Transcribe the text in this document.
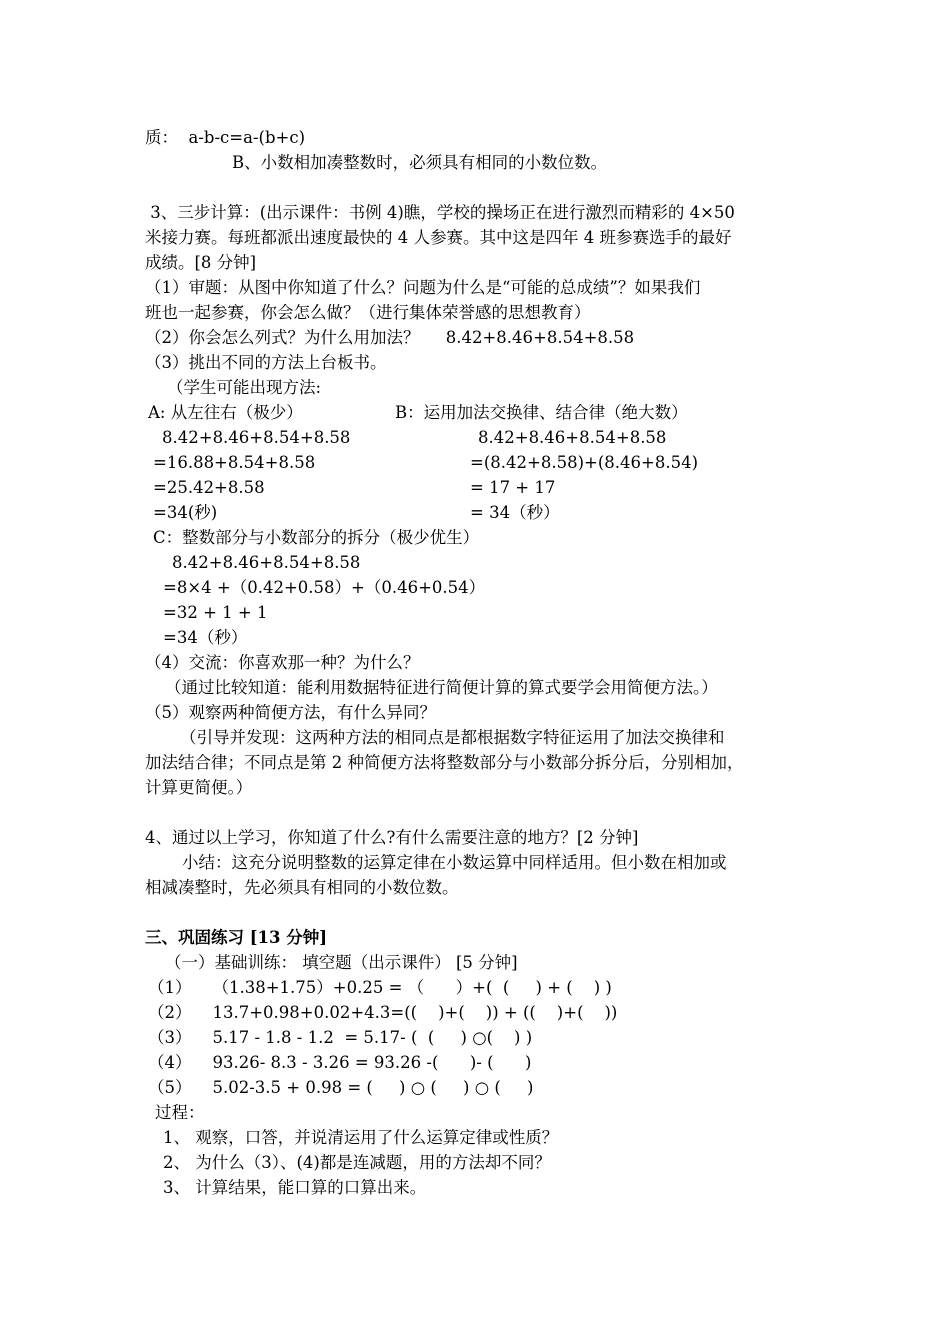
质：  a-b-c=a-(b+c)
B、小数相加凑整数时，必须具有相同的小数位数。
3、三步计算：(出示课件：书例 4)瞧，学校的操场正在进行激烈而精彩的 4×50
米接力赛。每班都派出速度最快的 4 人参赛。其中这是四年 4 班参赛选手的最好
成绩。[8 分钟]
（1）审题：从图中你知道了什么？问题为什么是“可能的总成绩”？如果我们
班也一起参赛，你会怎么做？（进行集体荣誉感的思想教育）
（2）你会怎么列式？为什么用加法？     8.42+8.46+8.54+8.58
（3）挑出不同的方法上台板书。
（学生可能出现方法:
A: 从左往右（极少）	B：运用加法交换律、结合律（绝大数）
8.42+8.46+8.54+8.58	8.42+8.46+8.54+8.58
=16.88+8.54+8.58	=(8.42+8.58)+(8.46+8.54)
=25.42+8.58	= 17 + 17
=34(秒)	= 34（秒）
C：整数部分与小数部分的拆分（极少优生）
8.42+8.46+8.54+8.58
=8×4 +（0.42+0.58）+（0.46+0.54）
=32 + 1 + 1
=34（秒）
（4）交流：你喜欢那一种？为什么？
（通过比较知道：能利用数据特征进行简便计算的算式要学会用简便方法。）
（5）观察两种简便方法，有什么异同？
（引导并发现：这两种方法的相同点是都根据数字特征运用了加法交换律和
加法结合律；不同点是第 2 种简便方法将整数部分与小数部分拆分后，分别相加，
计算更简便。）
4、通过以上学习，你知道了什么?有什么需要注意的地方？[2 分钟]
小结：这充分说明整数的运算定律在小数运算中同样适用。但小数在相加或
相减凑整时，先必须具有相同的小数位数。
三、巩固练习 [13 分钟]
（一）基础训练： 填空题（出示课件） [5 分钟]
（1）    （1.38+1.75）+0.25 = （      ）+(  (     ) + (    ) )
（2）    13.7+0.98+0.02+4.3=((    )+(    )) + ((    )+(    ))
（3）    5.17 - 1.8 - 1.2  = 5.17- (  (     ) ○(    ) )
（4）    93.26- 8.3 - 3.26 = 93.26 -(      )- (      )
（5）    5.02-3.5 + 0.98 = (     ) ○ (     ) ○ (     )
过程：
1、 观察，口答，并说清运用了什么运算定律或性质？
2、 为什么（3）、(4)都是连减题，用的方法却不同？
3、 计算结果，能口算的口算出来。
